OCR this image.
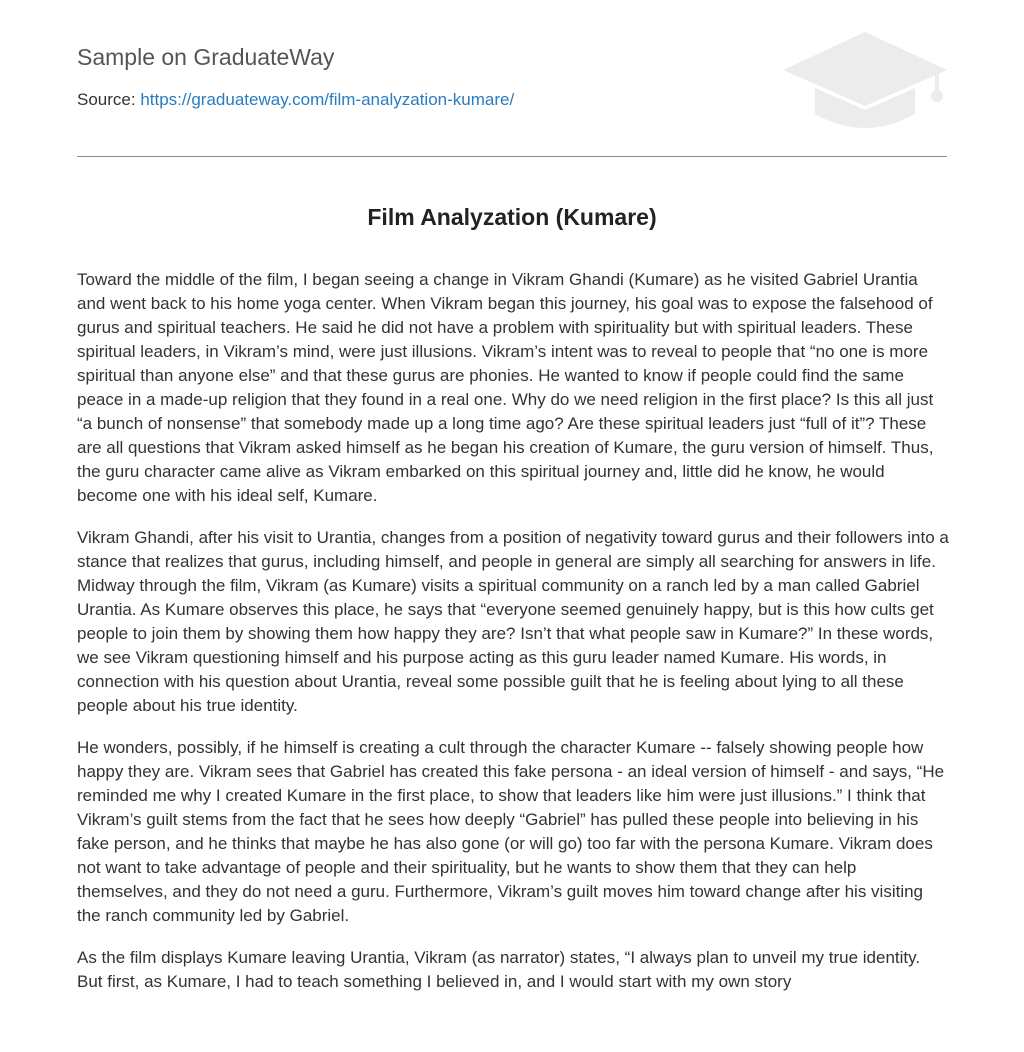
Sample on GraduateWay
Source: https://graduateway.com/film-analyzation-kumare/
Film Analyzation (Kumare)

Toward the middle of the film, I began seeing a change in Vikram Ghandi (Kumare) as he visited Gabriel Urantia and went back to his home yoga center. When Vikram began this journey, his goal was to expose the falsehood of gurus and spiritual teachers. He said he did not have a problem with spirituality but with spiritual leaders. These spiritual leaders, in Vikram’s mind, were just illusions. Vikram’s intent was to reveal to people that “no one is more spiritual than anyone else” and that these gurus are phonies. He wanted to know if people could find the same peace in a made-up religion that they found in a real one. Why do we need religion in the first place? Is this all just “a bunch of nonsense” that somebody made up a long time ago? Are these spiritual leaders just “full of it”? These are all questions that Vikram asked himself as he began his creation of Kumare, the guru version of himself. Thus, the guru character came alive as Vikram embarked on this spiritual journey and, little did he know, he would become one with his ideal self, Kumare.

Vikram Ghandi, after his visit to Urantia, changes from a position of negativity toward gurus and their followers into a stance that realizes that gurus, including himself, and people in general are simply all searching for answers in life. Midway through the film, Vikram (as Kumare) visits a spiritual community on a ranch led by a man called Gabriel Urantia. As Kumare observes this place, he says that “everyone seemed genuinely happy, but is this how cults get people to join them by showing them how happy they are? Isn’t that what people saw in Kumare?” In these words, we see Vikram questioning himself and his purpose acting as this guru leader named Kumare. His words, in connection with his question about Urantia, reveal some possible guilt that he is feeling about lying to all these people about his true identity.

He wonders, possibly, if he himself is creating a cult through the character Kumare -- falsely showing people how happy they are. Vikram sees that Gabriel has created this fake persona - an ideal version of himself - and says, “He reminded me why I created Kumare in the first place, to show that leaders like him were just illusions.” I think that Vikram’s guilt stems from the fact that he sees how deeply “Gabriel” has pulled these people into believing in his fake person, and he thinks that maybe he has also gone (or will go) too far with the persona Kumare. Vikram does not want to take advantage of people and their spirituality, but he wants to show them that they can help themselves, and they do not need a guru. Furthermore, Vikram’s guilt moves him toward change after his visiting the ranch community led by Gabriel.

As the film displays Kumare leaving Urantia, Vikram (as narrator) states, “I always plan to unveil my true identity. But first, as Kumare, I had to teach something I believed in, and I would start with my own story
